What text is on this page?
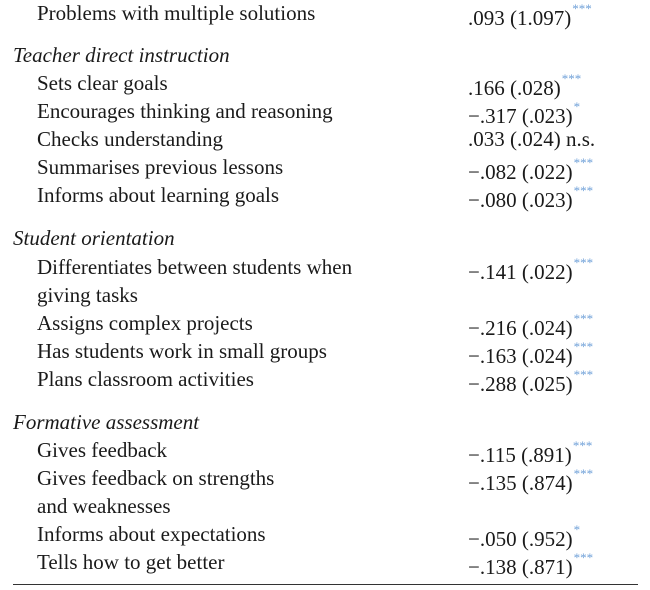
Problems with multiple solutions	.093 (1.097)***
Teacher direct instruction
Sets clear goals	.166 (.028)***
Encourages thinking and reasoning	−.317 (.023)*
Checks understanding	.033 (.024) n.s.
Summarises previous lessons	−.082 (.022)***
Informs about learning goals	−.080 (.023)***
Student orientation
Differentiates between students when	−.141 (.022)***
giving tasks
Assigns complex projects	−.216 (.024)***
Has students work in small groups	−.163 (.024)***
Plans classroom activities	−.288 (.025)***
Formative assessment
Gives feedback	−.115 (.891)***
Gives feedback on strengths	−.135 (.874)***
and weaknesses
Informs about expectations	−.050 (.952)*
Tells how to get better	−.138 (.871)***
